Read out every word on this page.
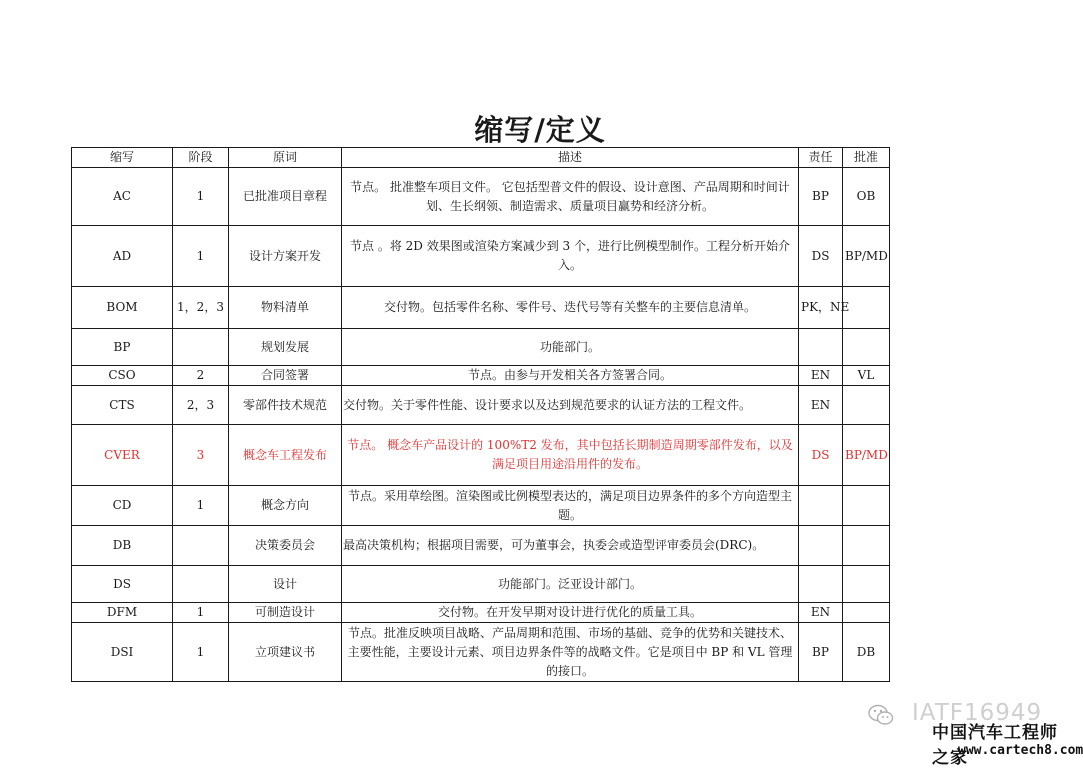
缩写/定义
缩写	阶段	原词	描述	责任	批准
AC	1	已批准项目章程	节点。 批准整车项目文件。 它包括型普文件的假设、设计意图、产品周期和时间计划、生长纲领、制造需求、质量项目赢势和经济分析。	BP	OB
AD	1	设计方案开发	节点 。将 2D 效果图或渲染方案减少到 3 个，进行比例模型制作。工程分析开始介入。	DS	BP/MD
BOM	1，2，3	物料清单	交付物。包括零件名称、零件号、迭代号等有关整车的主要信息清单。	PK，NE	
BP		规划发展	功能部门。		
CSO	2	合同签署	节点。由参与开发相关各方签署合同。	EN	VL
CTS	2，3	零部件技术规范	交付物。关于零件性能、设计要求以及达到规范要求的认证方法的工程文件。	EN	
CVER	3	概念车工程发布	节点。 概念车产品设计的 100%T2 发布，其中包括长期制造周期零部件发布，以及满足项目用途沿用件的发布。	DS	BP/MD
CD	1	概念方向	节点。采用草绘图。渲染图或比例模型表达的，满足项目边界条件的多个方向造型主题。		
DB		决策委员会	最高决策机构；根据项目需要，可为董事会，执委会或造型评审委员会(DRC)。		
DS		设计	功能部门。泛亚设计部门。		
DFM	1	可制造设计	交付物。在开发早期对设计进行优化的质量工具。	EN	
DSI	1	立项建议书	节点。批准反映项目战略、产品周期和范围、市场的基础、竞争的优势和关键技术、主要性能，主要设计元素、项目边界条件等的战略文件。它是项目中 BP 和 VL 管理的接口。	BP	DB
IATF16949
中国汽车工程师之家
www.cartech8.com
